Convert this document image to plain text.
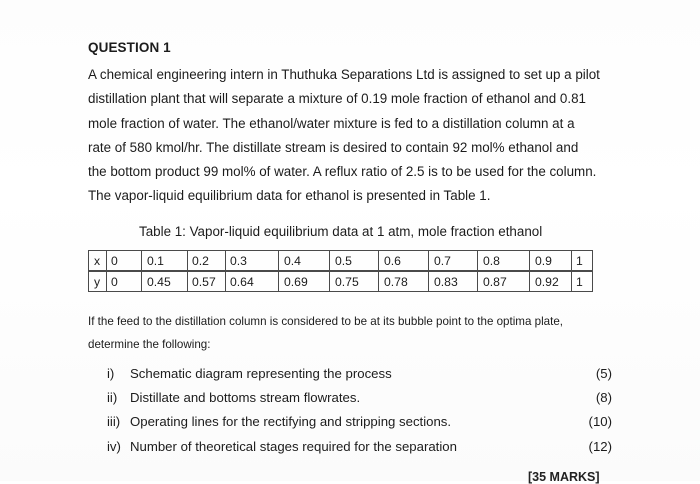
QUESTION 1
A chemical engineering intern in Thuthuka Separations Ltd is assigned to set up a pilot
distillation plant that will separate a mixture of 0.19 mole fraction of ethanol and 0.81
mole fraction of water. The ethanol/water mixture is fed to a distillation column at a
rate of 580 kmol/hr. The distillate stream is desired to contain 92 mol% ethanol and
the bottom product 99 mol% of water. A reflux ratio of 2.5 is to be used for the column.
The vapor-liquid equilibrium data for ethanol is presented in Table 1.
Table 1: Vapor-liquid equilibrium data at 1 atm, mole fraction ethanol
x	0	0.1	0.2	0.3	0.4	0.5	0.6	0.7	0.8	0.9	1
y	0	0.45	0.57	0.64	0.69	0.75	0.78	0.83	0.87	0.92	1
If the feed to the distillation column is considered to be at its bubble point to the optima plate,
determine the following:
i)	Schematic diagram representing the process	(5)
ii) Distillate and bottoms stream flowrates.	(8)
iii) Operating lines for the rectifying and stripping sections.	(10)
iv) Number of theoretical stages required for the separation	(12)
[35 MARKS]
